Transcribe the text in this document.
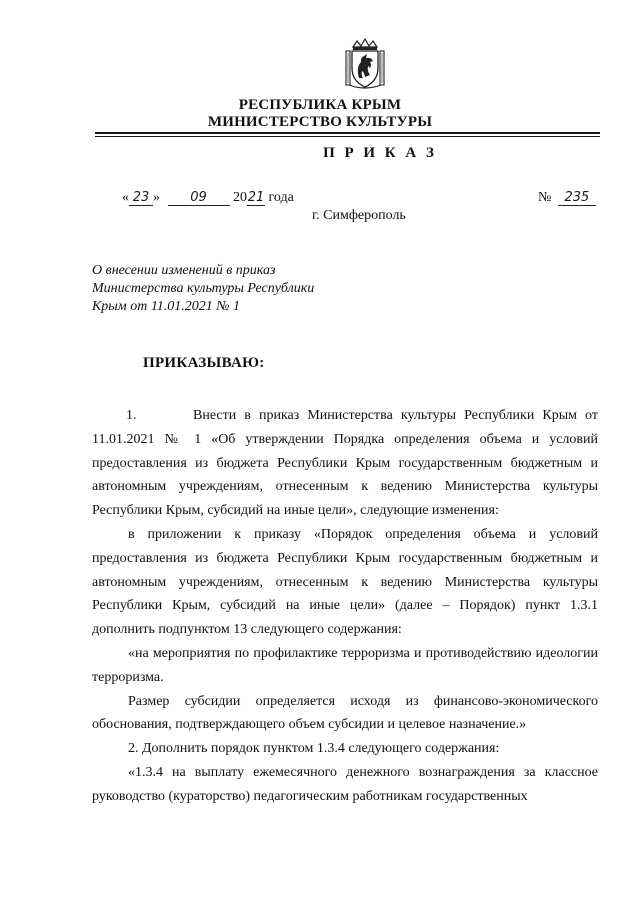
РЕСПУБЛИКА КРЫМ
МИНИСТЕРСТВО КУЛЬТУРЫ
П Р И К А З
« 23 » 09 2021 года	№ 235
г. Симферополь
О внесении изменений в приказ
Министерства культуры Республики
Крым от 11.01.2021 № 1
ПРИКАЗЫВАЮ:

1.       Внести в приказ Министерства культуры Республики Крым от 11.01.2021 № 1 «Об утверждении Порядка определения объема и условий предоставления из бюджета Республики Крым государственным бюджетным и автономным учреждениям, отнесенным к ведению Министерства культуры Республики Крым, субсидий на иные цели», следующие изменения:

в приложении к приказу «Порядок определения объема и условий предоставления из бюджета Республики Крым государственным бюджетным и автономным учреждениям, отнесенным к ведению Министерства культуры Республики Крым, субсидий на иные цели» (далее – Порядок) пункт 1.3.1 дополнить подпунктом 13 следующего содержания:

«на мероприятия по профилактике терроризма и противодействию идеологии терроризма.

Размер субсидии определяется исходя из финансово-экономического обоснования, подтверждающего объем субсидии и целевое назначение.»

2. Дополнить порядок пунктом 1.3.4 следующего содержания:

«1.3.4 на выплату ежемесячного денежного вознаграждения за классное руководство (кураторство) педагогическим работникам государственных
